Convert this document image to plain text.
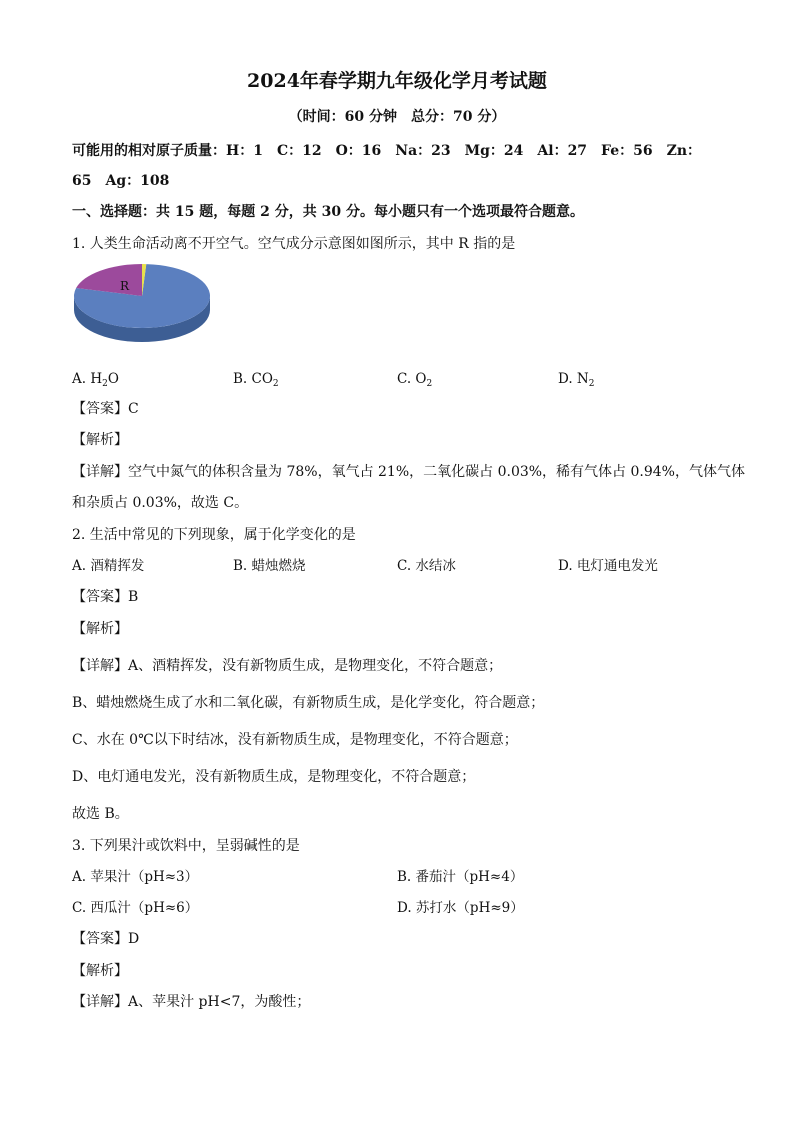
2024年春学期九年级化学月考试题
（时间：60 分钟　总分：70 分）
可能用的相对原子质量：H：1　C：12　O：16　Na：23　Mg：24　Al：27　Fe：56　Zn：
65　Ag：108
一、选择题：共 15 题，每题 2 分，共 30 分。每小题只有一个选项最符合题意。
1. 人类生命活动离不开空气。空气成分示意图如图所示，其中 R 指的是
R
A. $H_2O$	B. $CO_2$	C. $O_2$	D. $N_2$
【答案】C
【解析】
【详解】空气中氮气的体积含量为 78%，氧气占 21%，二氧化碳占 0.03%，稀有气体占 0.94%，气体气体
和杂质占 0.03%，故选 C。
2. 生活中常见的下列现象，属于化学变化的是
A. 酒精挥发	B. 蜡烛燃烧	C. 水结冰	D. 电灯通电发光
【答案】B
【解析】
【详解】A、酒精挥发，没有新物质生成，是物理变化，不符合题意；
B、蜡烛燃烧生成了水和二氧化碳，有新物质生成，是化学变化，符合题意；
C、水在 0℃以下时结冰，没有新物质生成，是物理变化，不符合题意；
D、电灯通电发光，没有新物质生成，是物理变化，不符合题意；
故选 B。
3. 下列果汁或饮料中，呈弱碱性的是
A. 苹果汁（pH≈3）	B. 番茄汁（pH≈4）
C. 西瓜汁（pH≈6）	D. 苏打水（pH≈9）
【答案】D
【解析】
【详解】A、苹果汁 pH<7，为酸性；
